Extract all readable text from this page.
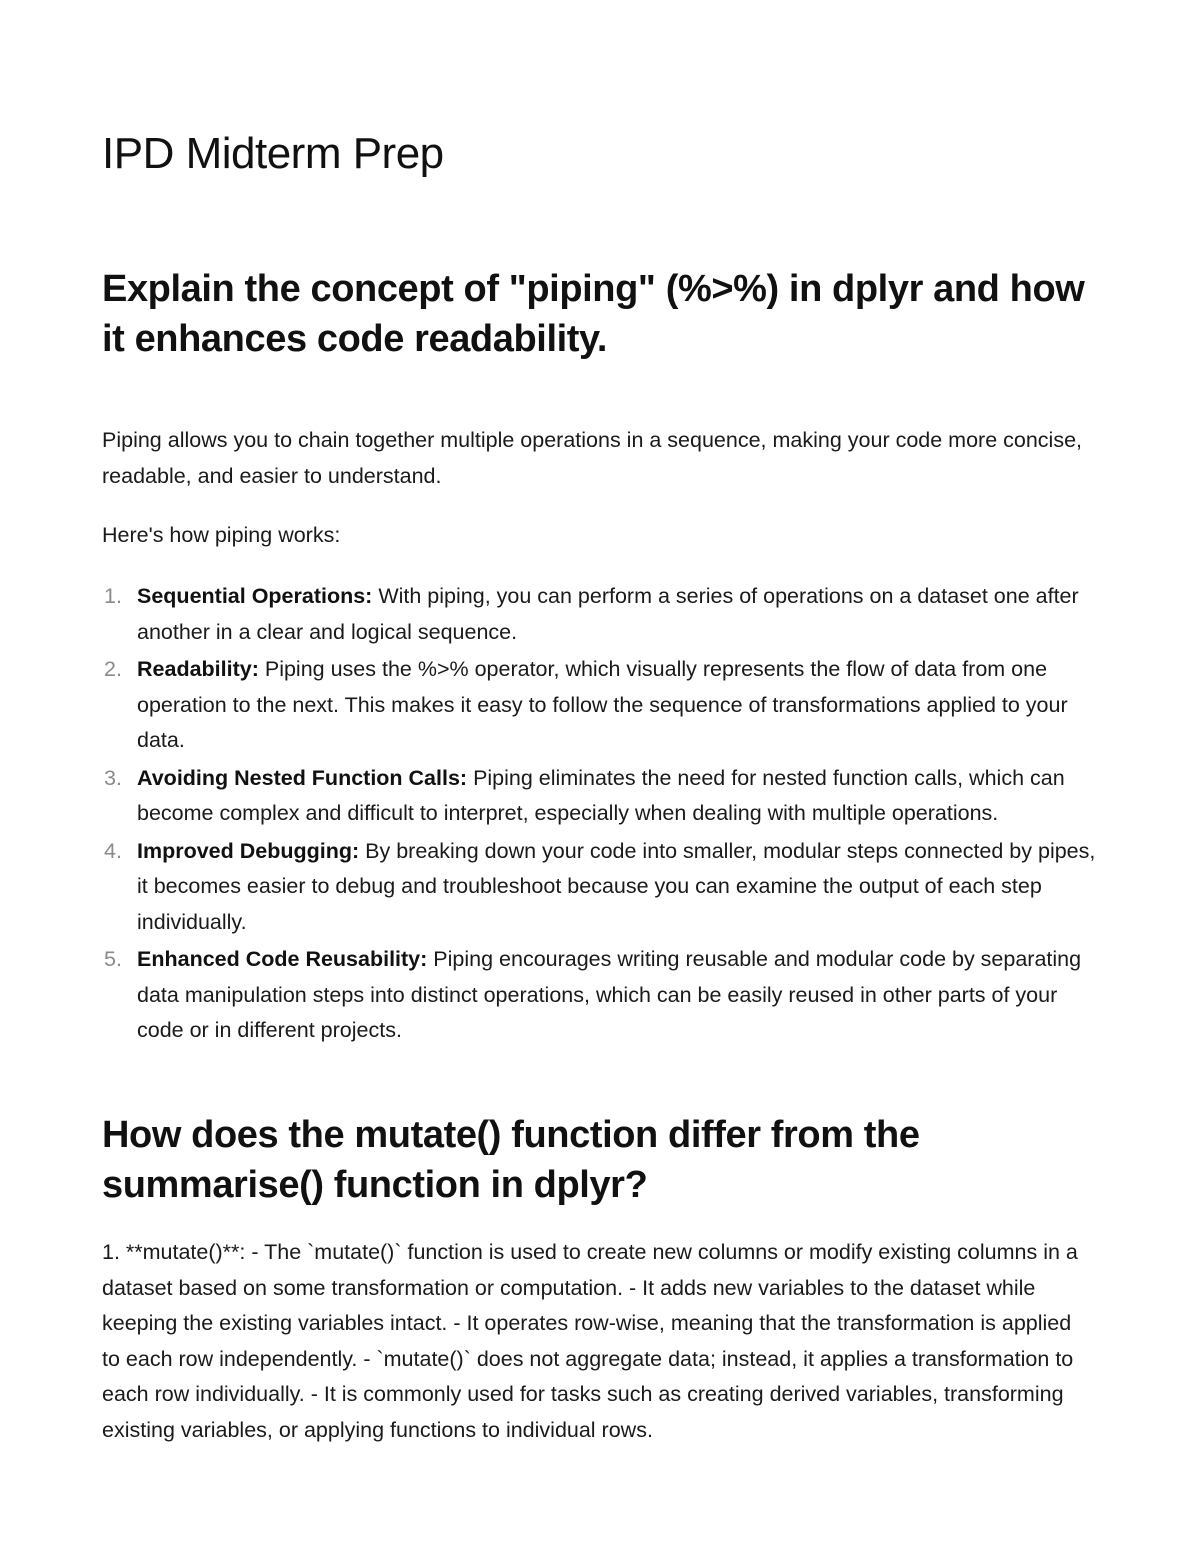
IPD Midterm Prep
Explain the concept of "piping" (%>%) in dplyr and how it enhances code readability.

Piping allows you to chain together multiple operations in a sequence, making your code more concise, readable, and easier to understand.

Here's how piping works:

1. Sequential Operations: With piping, you can perform a series of operations on a dataset one after another in a clear and logical sequence.
2. Readability: Piping uses the %>% operator, which visually represents the flow of data from one operation to the next. This makes it easy to follow the sequence of transformations applied to your data.
3. Avoiding Nested Function Calls: Piping eliminates the need for nested function calls, which can become complex and difficult to interpret, especially when dealing with multiple operations.
4. Improved Debugging: By breaking down your code into smaller, modular steps connected by pipes, it becomes easier to debug and troubleshoot because you can examine the output of each step individually.
5. Enhanced Code Reusability: Piping encourages writing reusable and modular code by separating data manipulation steps into distinct operations, which can be easily reused in other parts of your code or in different projects.
How does the mutate() function differ from the summarise() function in dplyr?

1. **mutate()**: - The `mutate()` function is used to create new columns or modify existing columns in a dataset based on some transformation or computation. - It adds new variables to the dataset while keeping the existing variables intact. - It operates row-wise, meaning that the transformation is applied to each row independently. - `mutate()` does not aggregate data; instead, it applies a transformation to each row individually. - It is commonly used for tasks such as creating derived variables, transforming existing variables, or applying functions to individual rows.
